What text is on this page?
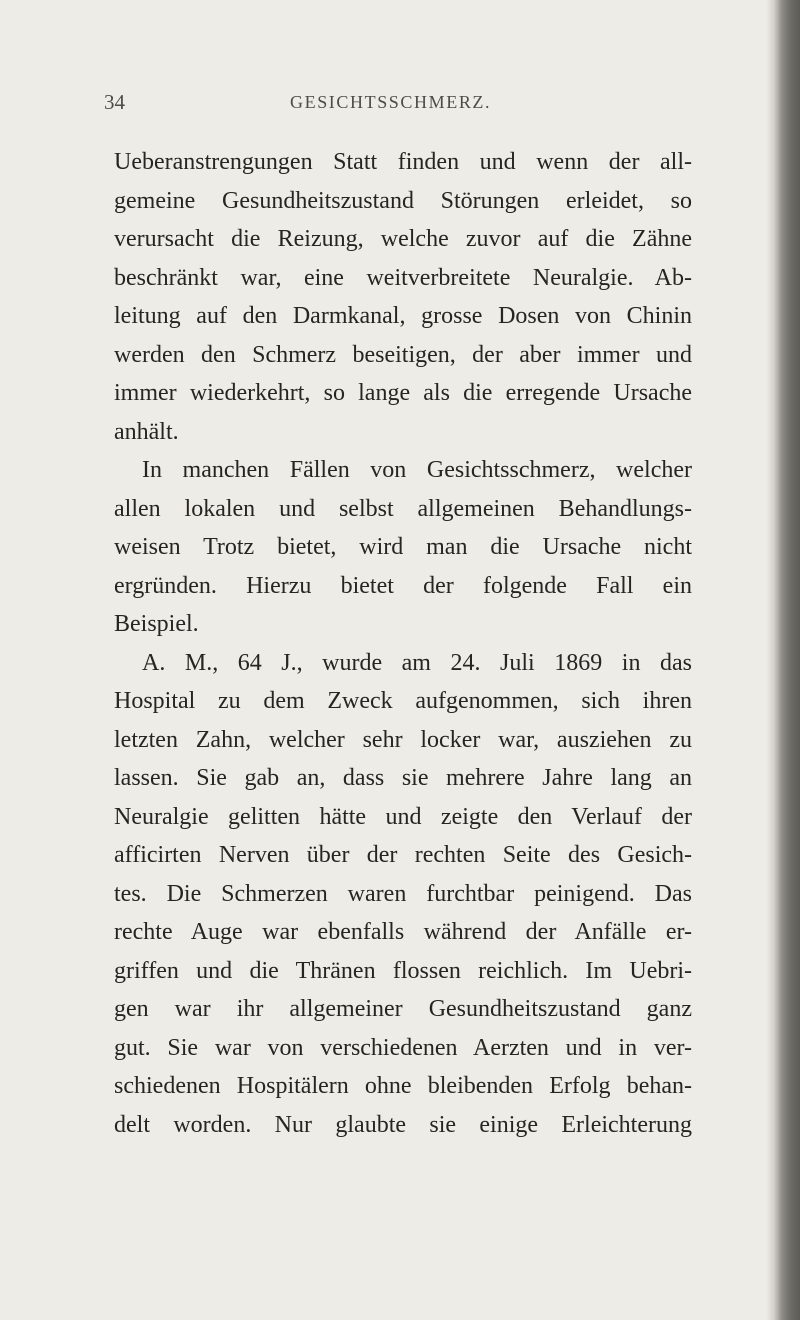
34	GESICHTSSCHMERZ.
Ueberanstrengungen Statt finden und wenn der all-
gemeine Gesundheitszustand Störungen erleidet, so
verursacht die Reizung, welche zuvor auf die Zähne
beschränkt war, eine weitverbreitete Neuralgie. Ab-
leitung auf den Darmkanal, grosse Dosen von Chinin
werden den Schmerz beseitigen, der aber immer und
immer wiederkehrt, so lange als die erregende Ursache
anhält.
In manchen Fällen von Gesichtsschmerz, welcher
allen lokalen und selbst allgemeinen Behandlungs-
weisen Trotz bietet, wird man die Ursache nicht
ergründen. Hierzu bietet der folgende Fall ein
Beispiel.
A. M., 64 J., wurde am 24. Juli 1869 in das
Hospital zu dem Zweck aufgenommen, sich ihren
letzten Zahn, welcher sehr locker war, ausziehen zu
lassen. Sie gab an, dass sie mehrere Jahre lang an
Neuralgie gelitten hätte und zeigte den Verlauf der
afficirten Nerven über der rechten Seite des Gesich-
tes. Die Schmerzen waren furchtbar peinigend. Das
rechte Auge war ebenfalls während der Anfälle er-
griffen und die Thränen flossen reichlich. Im Uebri-
gen war ihr allgemeiner Gesundheitszustand ganz
gut. Sie war von verschiedenen Aerzten und in ver-
schiedenen Hospitälern ohne bleibenden Erfolg behan-
delt worden. Nur glaubte sie einige Erleichterung
